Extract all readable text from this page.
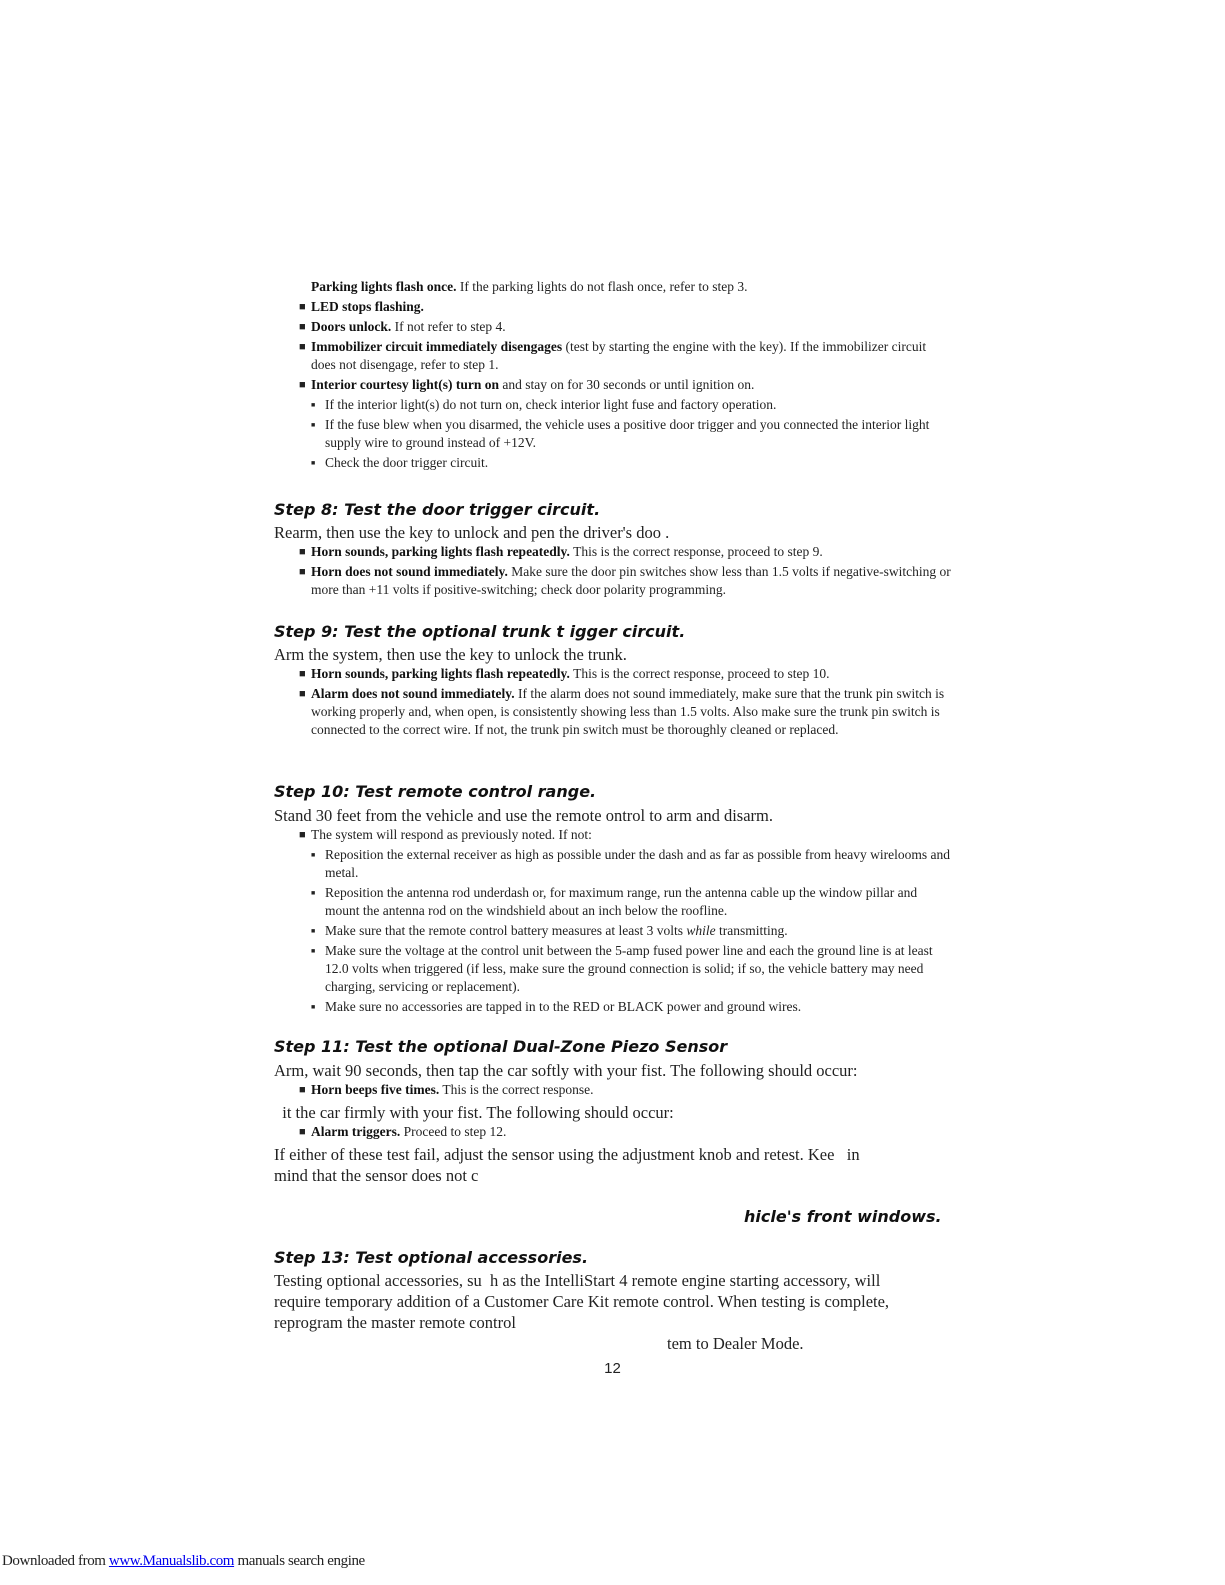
Parking lights flash once. If the parking lights do not flash once, refer to step 3.
■ LED stops flashing.
■ Doors unlock. If not refer to step 4.
■ Immobilizer circuit immediately disengages (test by starting the engine with the key). If the immobilizer circuit does not disengage, refer to step 1.
■ Interior courtesy light(s) turn on and stay on for 30 seconds or until ignition on.
■ If the interior light(s) do not turn on, check interior light fuse and factory operation.
■ If the fuse blew when you disarmed, the vehicle uses a positive door trigger and you connected the interior light supply wire to ground instead of +12V.
■ Check the door trigger circuit.
Step 8: Test the door trigger circuit.
Rearm, then use the key to unlock and pen the driver's doo .
■ Horn sounds, parking lights flash repeatedly. This is the correct response, proceed to step 9.
■ Horn does not sound immediately. Make sure the door pin switches show less than 1.5 volts if negative-switching or more than +11 volts if positive-switching; check door polarity programming.
Step 9: Test the optional trunk t igger circuit.
Arm the system, then use the key to unlock the trunk.
■ Horn sounds, parking lights flash repeatedly. This is the correct response, proceed to step 10.
■ Alarm does not sound immediately. If the alarm does not sound immediately, make sure that the trunk pin switch is working properly and, when open, is consistently showing less than 1.5 volts. Also make sure the trunk pin switch is connected to the correct wire. If not, the trunk pin switch must be thoroughly cleaned or replaced.
Step 10: Test remote control range.
Stand 30 feet from the vehicle and use the remote ontrol to arm and disarm.
■ The system will respond as previously noted. If not:
■ Reposition the external receiver as high as possible under the dash and as far as possible from heavy wirelooms and metal.
■ Reposition the antenna rod underdash or, for maximum range, run the antenna cable up the window pillar and mount the antenna rod on the windshield about an inch below the roofline.
■ Make sure that the remote control battery measures at least 3 volts while transmitting.
■ Make sure the voltage at the control unit between the 5-amp fused power line and each the ground line is at least 12.0 volts when triggered (if less, make sure the ground connection is solid; if so, the vehicle battery may need charging, servicing or replacement).
■ Make sure no accessories are tapped in to the RED or BLACK power and ground wires.
Step 11: Test the optional Dual-Zone Piezo Sensor
Arm, wait 90 seconds, then tap the car softly with your fist. The following should occur:
■ Horn beeps five times. This is the correct response.
it the car firmly with your fist. The following should occur:
■ Alarm triggers. Proceed to step 12.
If either of these test fail, adjust the sensor using the adjustment knob and retest. Kee   in
mind that the sensor does not c
hicle's front windows.
Step 13: Test optional accessories.
Testing optional accessories, su  h as the IntelliStart 4 remote engine starting accessory, will
require temporary addition of a Customer Care Kit remote control. When testing is complete,
reprogram the master remote control
tem to Dealer Mode.
12
Downloaded from www.Manualslib.com manuals search engine
